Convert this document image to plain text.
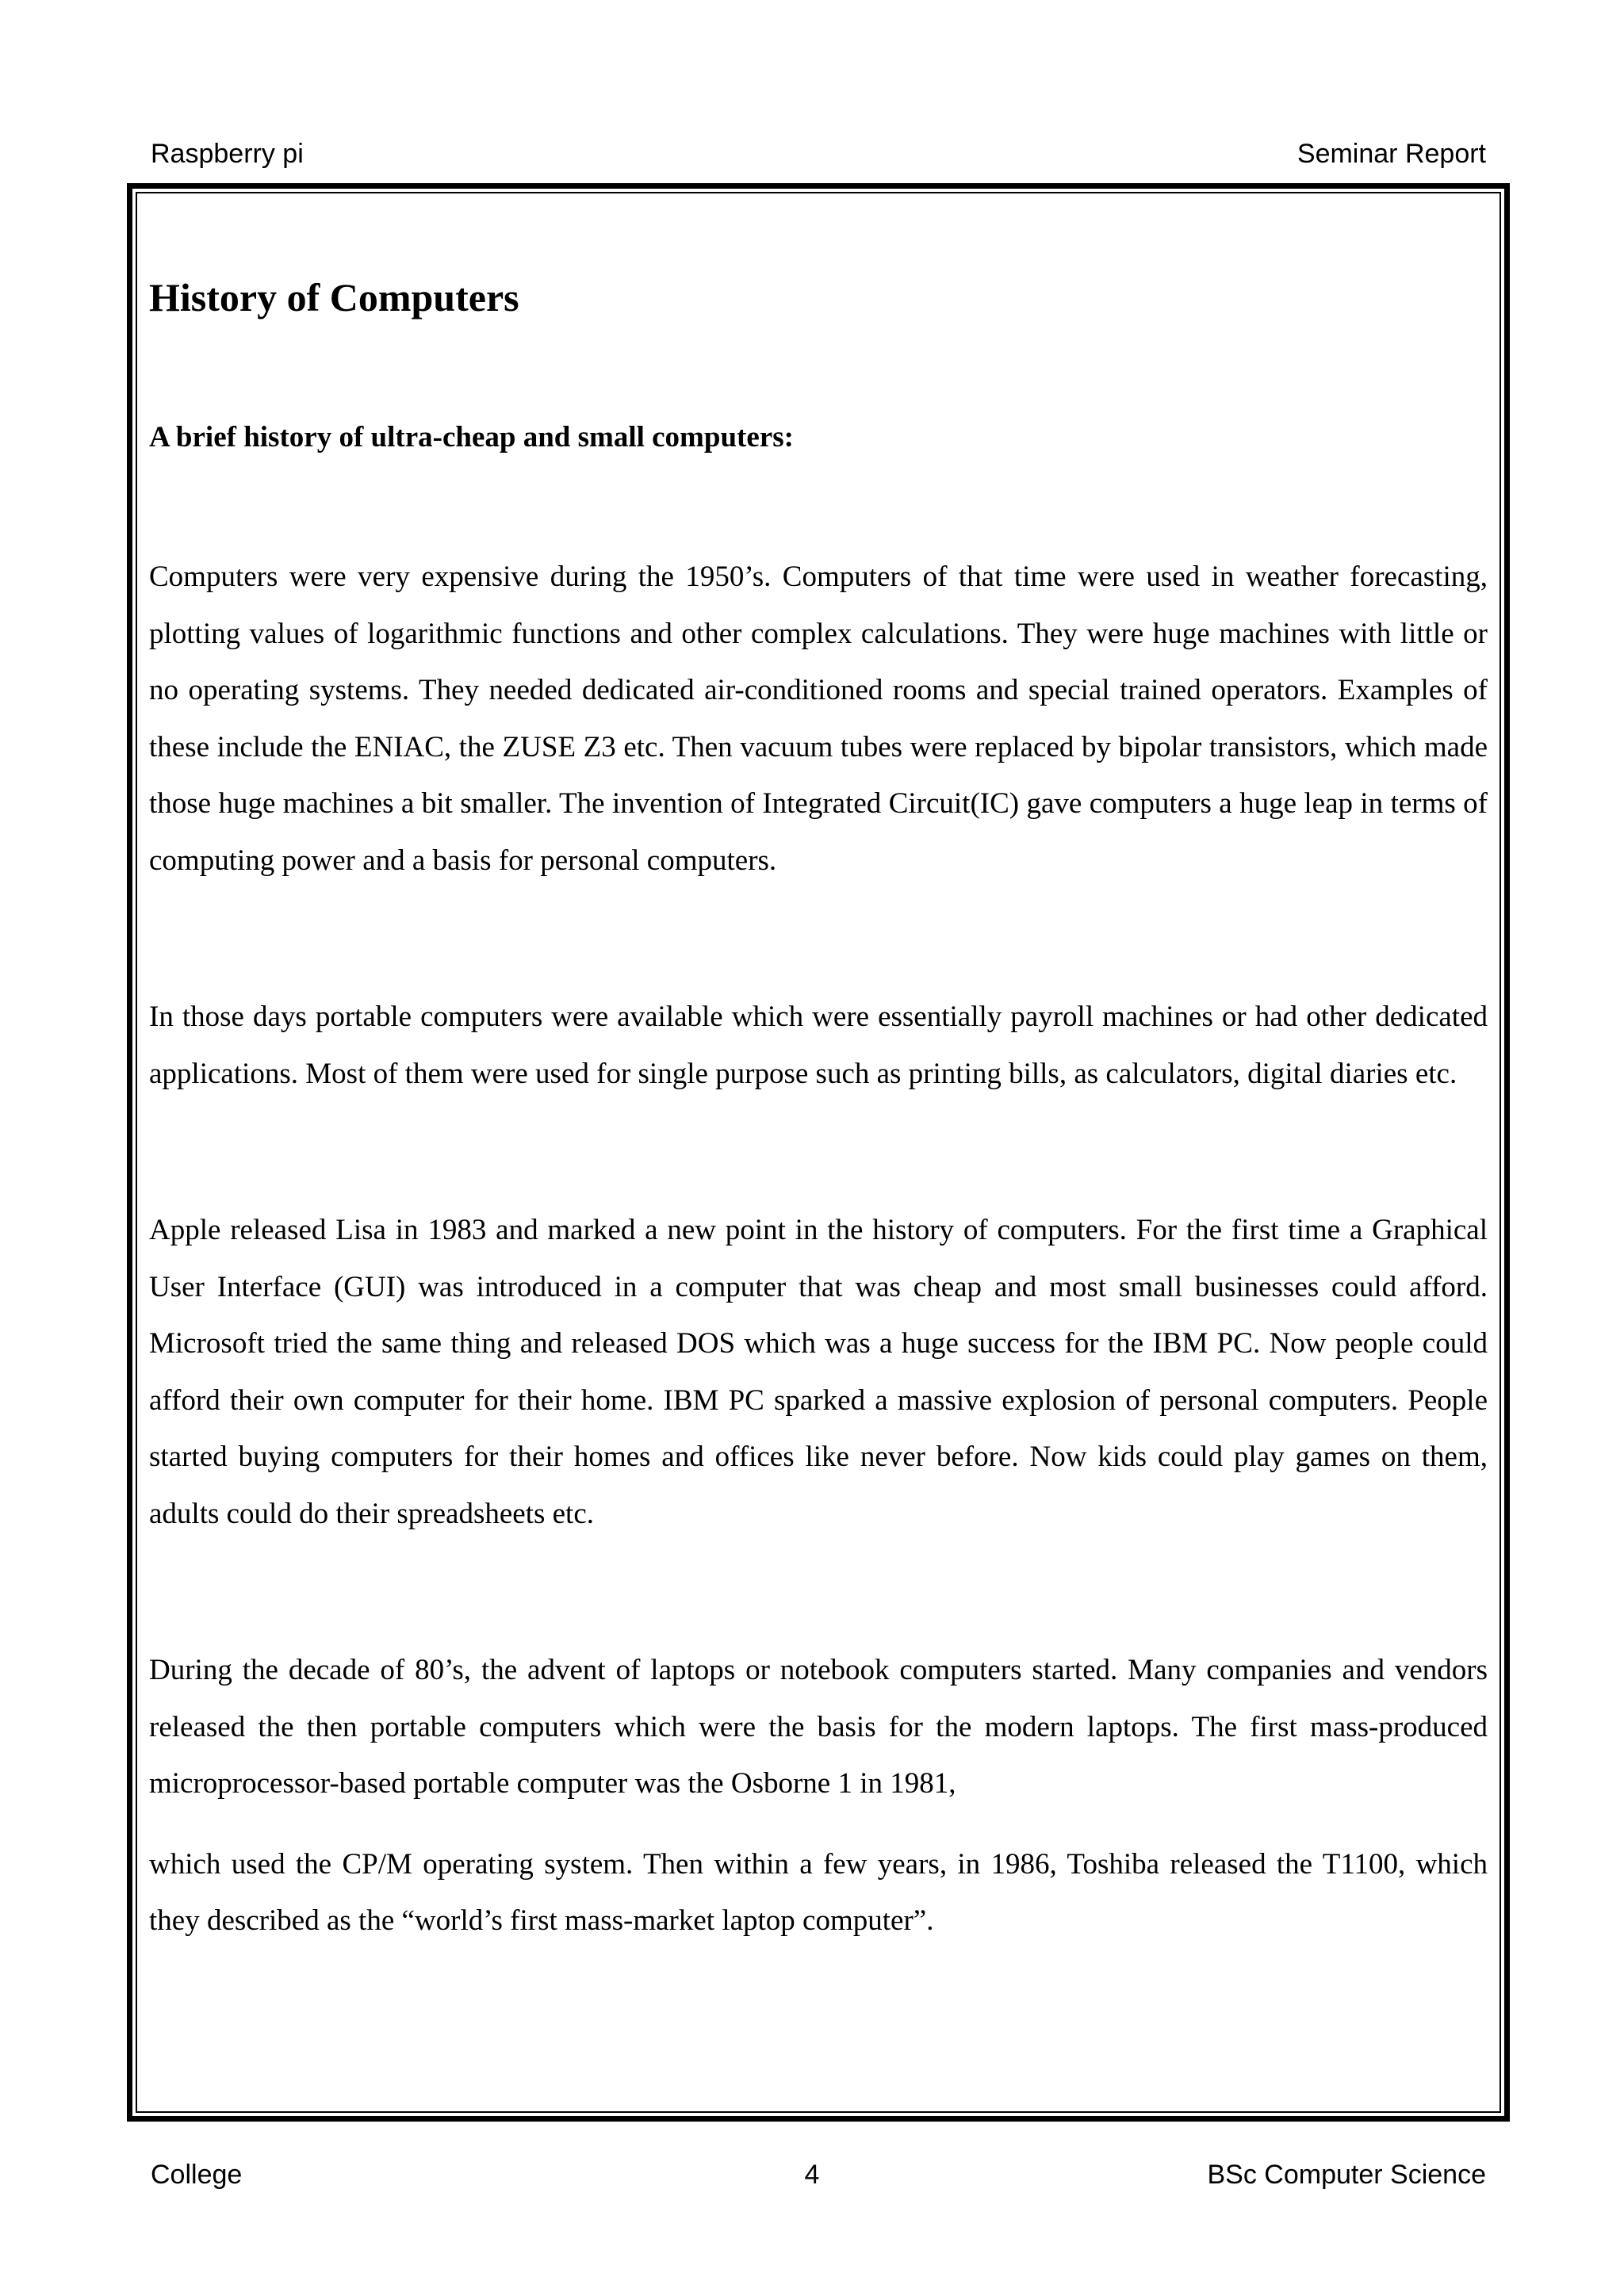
Raspberry pi	Seminar Report
History of Computers
A brief history of ultra-cheap and small computers:

Computers were very expensive during the 1950’s. Computers of that time were used in weather forecasting, plotting values of logarithmic functions and other complex calculations. They were huge machines with little or no operating systems. They needed dedicated air-conditioned rooms and special trained operators. Examples of these include the ENIAC, the ZUSE Z3 etc. Then vacuum tubes were replaced by bipolar transistors, which made those huge machines a bit smaller. The invention of Integrated Circuit(IC) gave computers a huge leap in terms of computing power and a basis for personal computers.

In those days portable computers were available which were essentially payroll machines or had other dedicated applications. Most of them were used for single purpose such as printing bills, as calculators, digital diaries etc.

Apple released Lisa in 1983 and marked a new point in the history of computers. For the first time a Graphical User Interface (GUI) was introduced in a computer that was cheap and most small businesses could afford. Microsoft tried the same thing and released DOS which was a huge success for the IBM PC. Now people could afford their own computer for their home. IBM PC sparked a massive explosion of personal computers. People started buying computers for their homes and offices like never before. Now kids could play games on them, adults could do their spreadsheets etc.

During the decade of 80’s, the advent of laptops or notebook computers started. Many companies and vendors released the then portable computers which were the basis for the modern laptops. The first mass-produced microprocessor-based portable computer was the Osborne 1 in 1981,

which used the CP/M operating system. Then within a few years, in 1986, Toshiba released the T1100, which they described as the “world’s first mass-market laptop computer”.

College	4	BSc Computer Science
